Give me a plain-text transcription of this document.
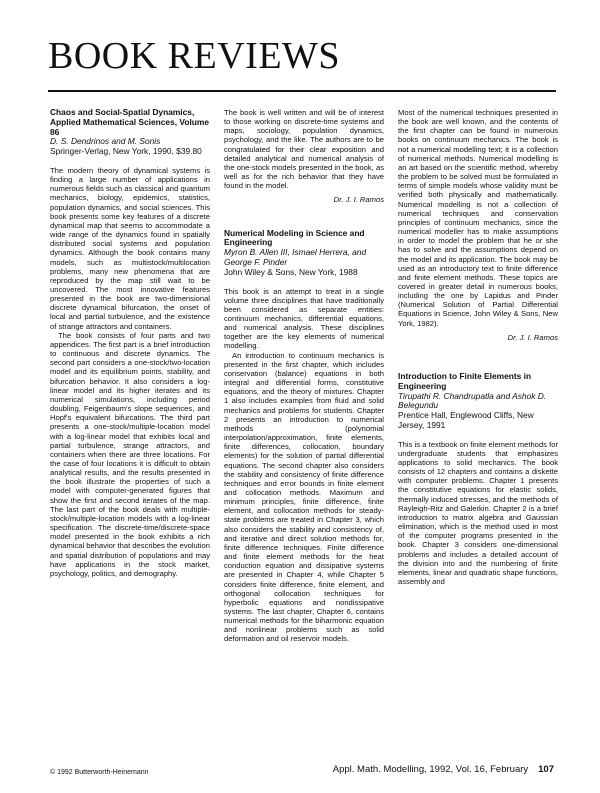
BOOK REVIEWS
Chaos and Social-Spatial Dynamics, Applied Mathematical Sciences, Volume 86
D. S. Dendrinos and M. Sonis
Springer-Verlag, New York, 1990, $39.80

The modern theory of dynamical systems is finding a large number of applications in numerous fields such as classical and quantum mechanics, biology, epidemics, statistics, population dynamics, and social sciences. This book presents some key features of a discrete dynamical map that seems to accommodate a wide range of the dynamics found in spatially distributed social systems and population dynamics. Although the book contains many models, such as multistock/multilocation problems, many new phenomena that are reproduced by the map still wait to be uncovered. The most innovative features presented in the book are two-dimensional discrete dynamical bifurcation, the onset of local and partial turbulence, and the existence of strange attractors and containers.

The book consists of four parts and two appendices. The first part is a brief introduction to continuous and discrete dynamics. The second part considers a one-stock/two-location model and its equilibrium points, stability, and bifurcation behavior. It also considers a log-linear model and its higher iterates and its numerical simulations, including period doubling, Feigenbaum's slope sequences, and Hopf's equivalent bifurcations. The third part presents a one-stock/multiple-location model with a log-linear model that exhibits local and partial turbulence, strange attractors, and containers when there are three locations. For the case of four locations it is difficult to obtain analytical results, and the results presented in the book illustrate the properties of such a model with computer-generated figures that show the first and second iterates of the map. The last part of the book deals with multiple-stock/multiple-location models with a log-linear specification. The discrete-time/discrete-space model presented in the book exhibits a rich dynamical behavior that describes the evolution and spatial distribution of populations and may have applications in the stock market, psychology, politics, and demography.

The book is well written and will be of interest to those working on discrete-time systems and maps, sociology, population dynamics, psychology, and the like. The authors are to be congratulated for their clear exposition and detailed analytical and numerical analysis of the one-stock models presented in the book, as well as for the rich behavior that they have found in the model.

Dr. J. I. Ramos
Numerical Modeling in Science and Engineering
Myron B. Allen III, Ismael Herrera, and George F. Pinder
John Wiley & Sons, New York, 1988

This book is an attempt to treat in a single volume three disciplines that have traditionally been considered as separate entities: continuum mechanics, differential equations, and numerical analysis. These disciplines together are the key elements of numerical modelling.

An introduction to continuum mechanics is presented in the first chapter, which includes conservation (balance) equations in both integral and differential forms, constitutive equations, and the theory of mixtures. Chapter 1 also includes examples from fluid and solid mechanics and problems for students. Chapter 2 presents an introduction to numerical methods (polynomial interpolation/approximation, finite elements, finite differences, collocation, boundary elements) for the solution of partial differential equations. The second chapter also considers the stability and consistency of finite difference techniques and error bounds in finite element and collocation methods. Maximum and minimum principles, finite difference, finite element, and collocation methods for steady-state problems are treated in Chapter 3, which also considers the stability and consistency of, and iterative and direct solution methods for, finite difference techniques. Finite difference and finite element methods for the heat conduction equation and dissipative systems are presented in Chapter 4, while Chapter 5 considers finite difference, finite element, and orthogonal collocation techniques for hyperbolic equations and nondissipative systems. The last chapter, Chapter 6, contains numerical methods for the biharmonic equation and nonlinear problems such as solid deformation and oil reservoir models.

Most of the numerical techniques presented in the book are well known, and the contents of the first chapter can be found in numerous books on continuum mechanics. The book is not a numerical modelling text; it is a collection of numerical methods. Numerical modelling is an art based on the scientific method, whereby the problem to be solved must be formulated in terms of simple models whose validity must be verified both physically and mathematically. Numerical modelling is not a collection of numerical techniques and conservation principles of continuum mechanics, since the numerical modeller has to make assumptions in order to model the problem that he or she has to solve and the assumptions depend on the model and its application. The book may be used as an introductory text to finite difference and finite element methods. These topics are covered in greater detail in numerous books, including the one by Lapidus and Pinder (Numerical Solution of Partial Differential Equations in Science, John Wiley & Sons, New York, 1982).

Dr. J. I. Ramos
Introduction to Finite Elements in Engineering
Tirupathi R. Chandrupatla and Ashok D. Belegundu
Prentice Hall, Englewood Cliffs, New Jersey, 1991

This is a textbook on finite element methods for undergraduate students that emphasizes applications to solid mechanics. The book consists of 12 chapters and contains a diskette with computer problems. Chapter 1 presents the constitutive equations for elastic solids, thermally induced stresses, and the methods of Rayleigh-Ritz and Galerkin. Chapter 2 is a brief introduction to matrix algebra and Gaussian elimination, which is the method used in most of the computer programs presented in the book. Chapter 3 considers one-dimensional problems and includes a detailed account of the division into and the numbering of finite elements, linear and quadratic shape functions, assembly and

© 1992 Butterworth-Heinemann	Appl. Math. Modelling, 1992, Vol. 16, February 107
